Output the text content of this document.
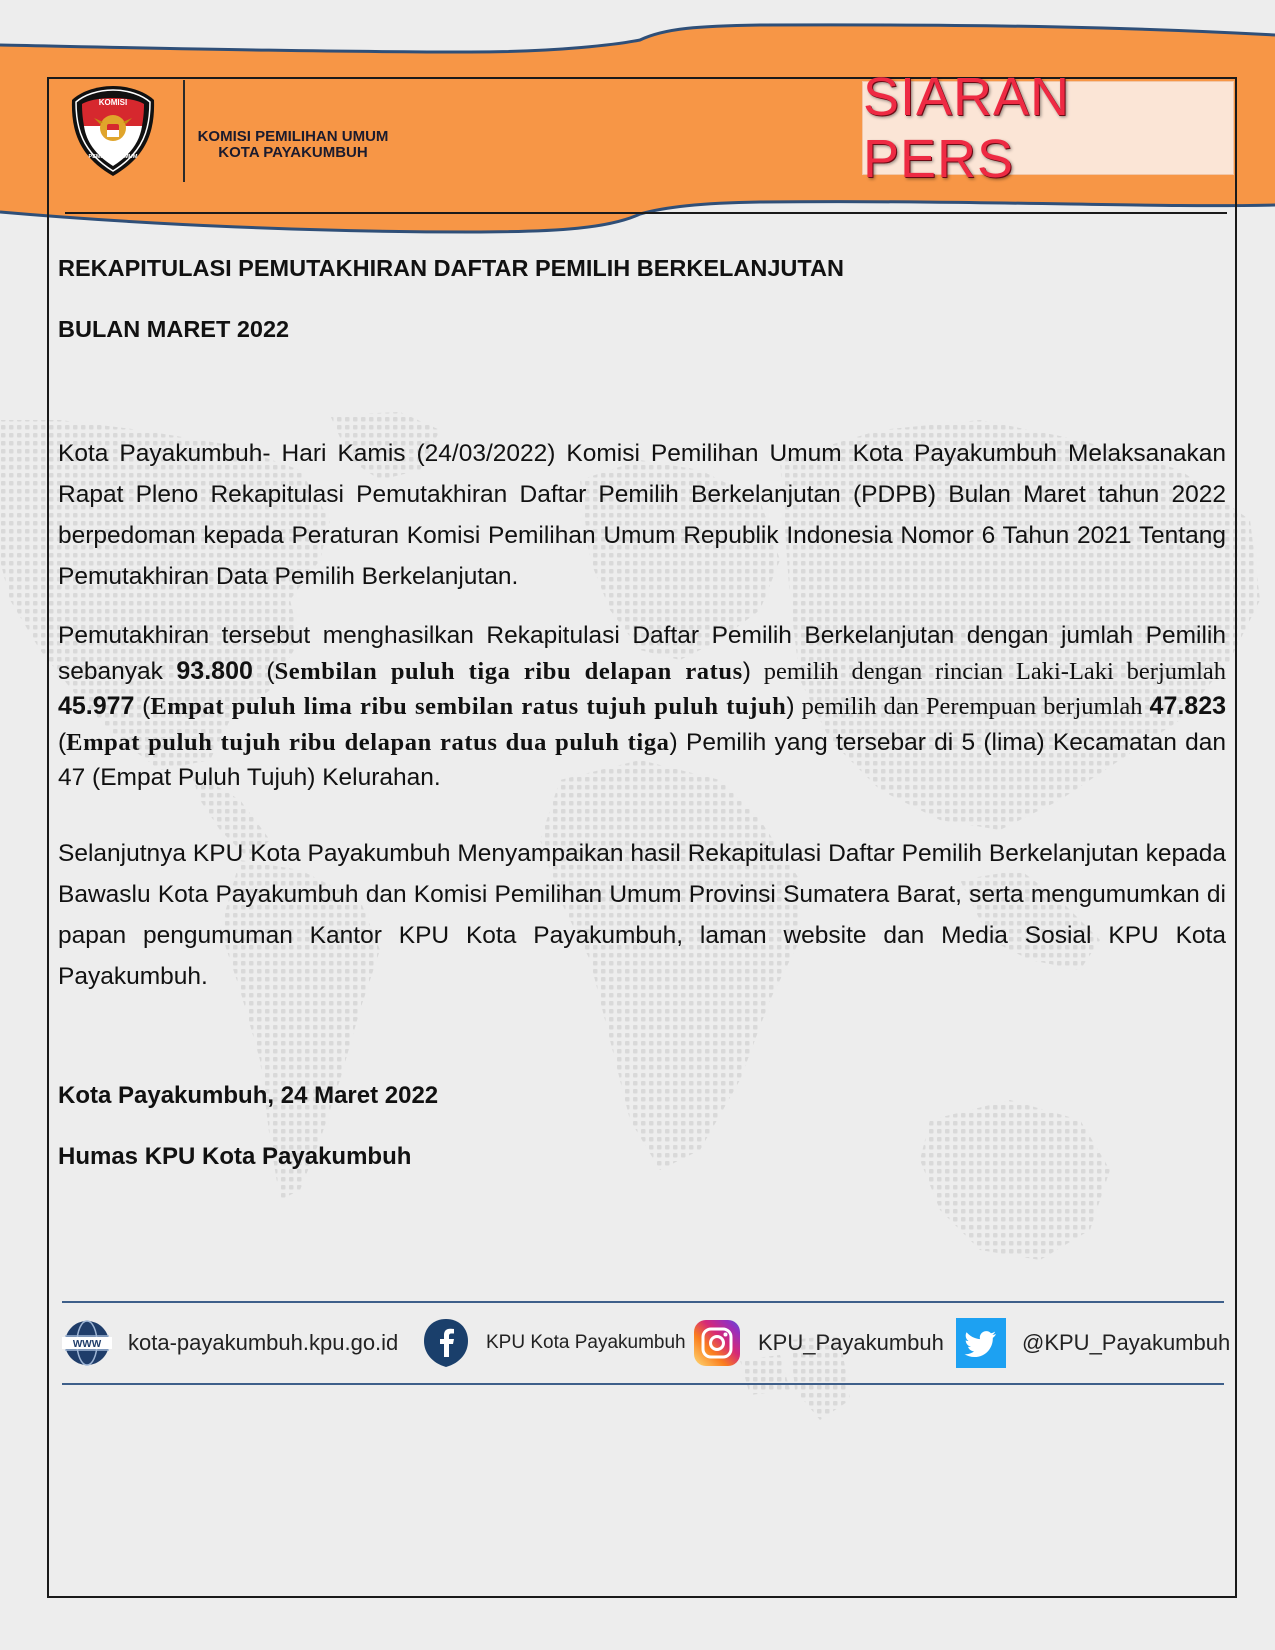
KOMISI
PEMILIHAN UMUM
KOMISI PEMILIHAN UMUM
KOTA PAYAKUMBUH
SIARAN PERS
REKAPITULASI PEMUTAKHIRAN DAFTAR PEMILIH BERKELANJUTAN
BULAN MARET 2022
Kota Payakumbuh- Hari Kamis (24/03/2022) Komisi Pemilihan Umum Kota Payakumbuh Melaksanakan Rapat Pleno Rekapitulasi Pemutakhiran Daftar Pemilih Berkelanjutan (PDPB) Bulan Maret tahun 2022 berpedoman kepada Peraturan Komisi Pemilihan Umum Republik Indonesia Nomor 6 Tahun 2021 Tentang Pemutakhiran Data Pemilih Berkelanjutan.
Pemutakhiran tersebut menghasilkan Rekapitulasi Daftar Pemilih Berkelanjutan dengan jumlah Pemilih sebanyak 93.800 (Sembilan puluh tiga ribu delapan ratus) pemilih dengan rincian Laki-Laki berjumlah 45.977 (Empat puluh lima ribu sembilan ratus tujuh puluh tujuh) pemilih dan Perempuan berjumlah 47.823 (Empat puluh tujuh ribu delapan ratus dua puluh tiga) Pemilih yang tersebar di 5 (lima) Kecamatan dan 47 (Empat Puluh Tujuh) Kelurahan.
Selanjutnya KPU Kota Payakumbuh Menyampaikan hasil Rekapitulasi Daftar Pemilih Berkelanjutan kepada Bawaslu Kota Payakumbuh dan Komisi Pemilihan Umum Provinsi Sumatera Barat, serta mengumumkan di papan pengumuman Kantor KPU Kota Payakumbuh, laman website dan Media Sosial KPU Kota Payakumbuh.
Kota Payakumbuh, 24 Maret 2022
Humas KPU Kota Payakumbuh
WWW kota-payakumbuh.kpu.go.id	KPU Kota Payakumbuh	KPU_Payakumbuh	@KPU_Payakumbuh
